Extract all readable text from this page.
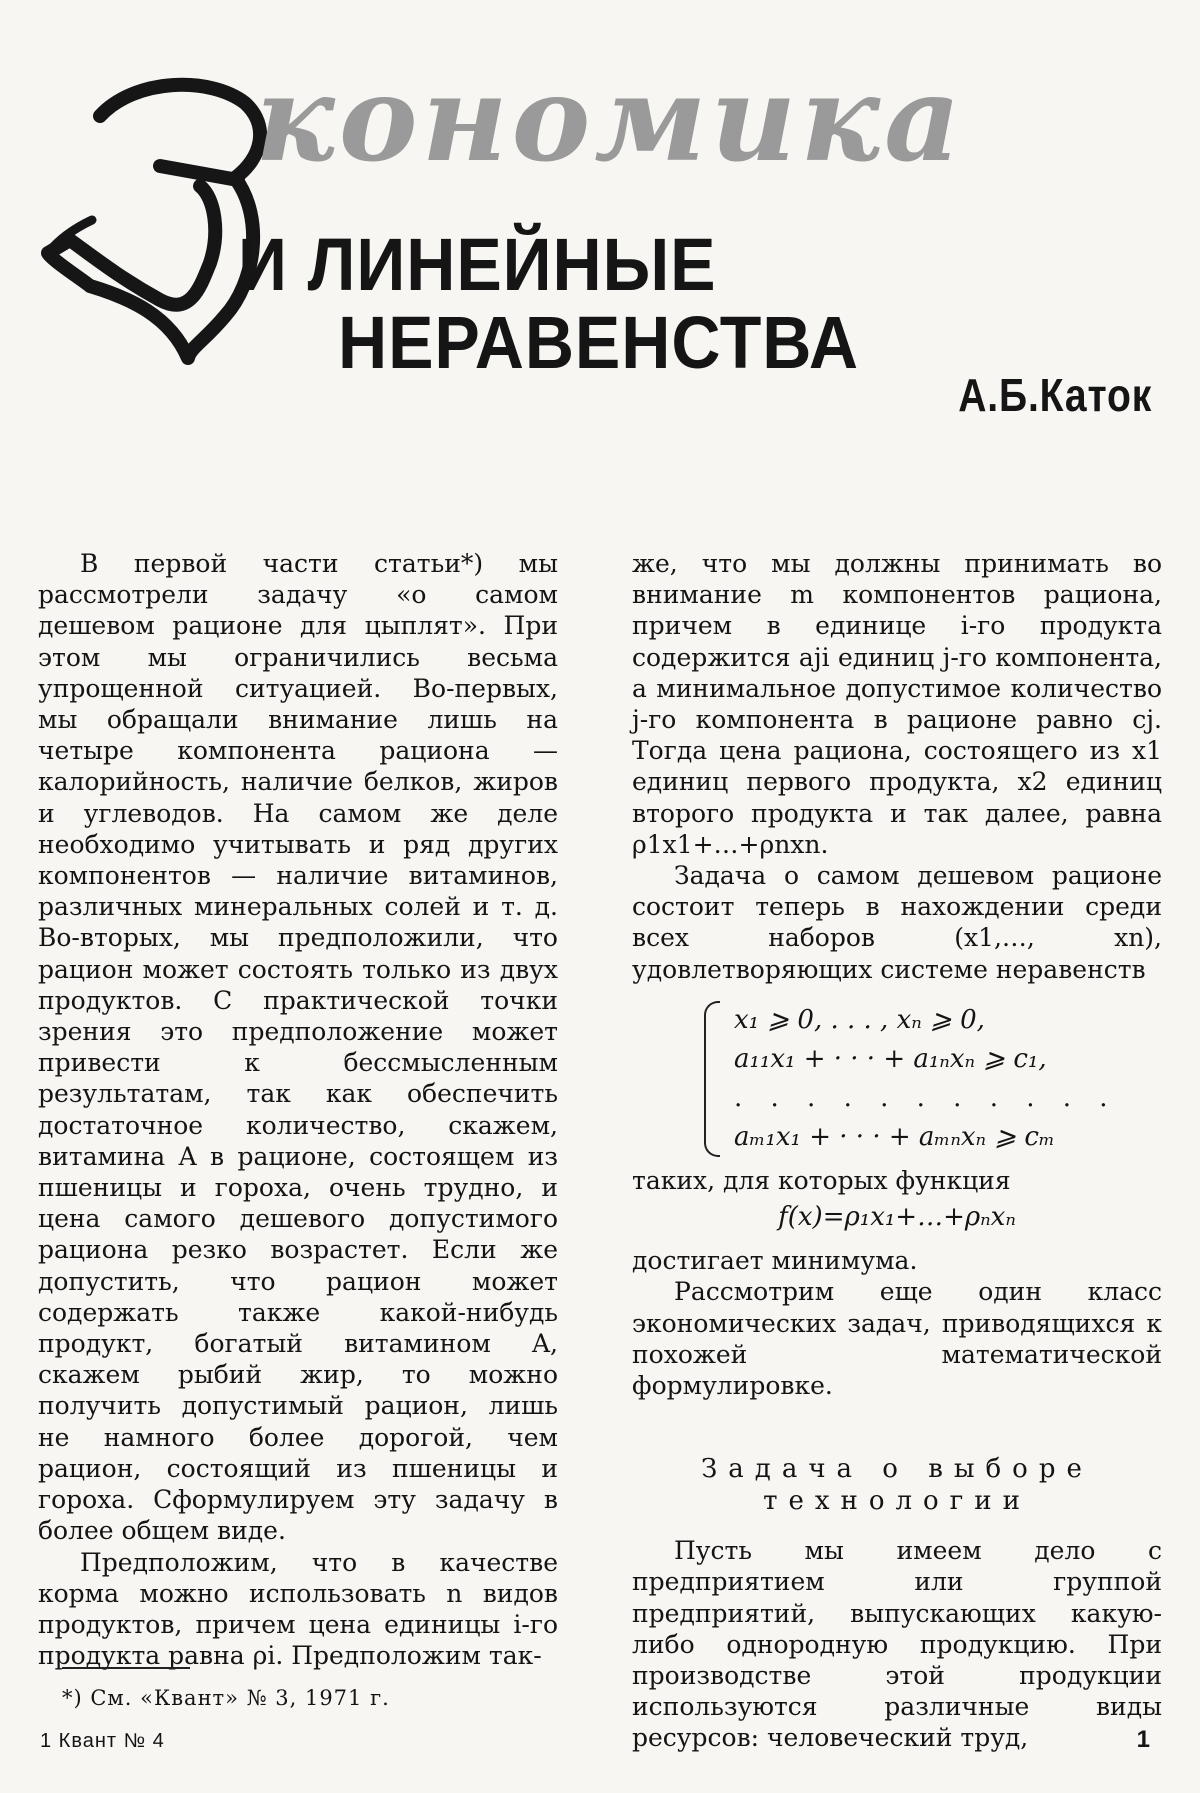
кономика
И ЛИНЕЙНЫЕ
НЕРАВЕНСТВА
А.Б.Каток

В первой части статьи*) мы рассмотрели задачу «о самом дешевом рационе для цыплят». При этом мы ограничились весьма упрощенной ситуацией. Во-первых, мы обращали внимание лишь на четыре компонента рациона — калорийность, наличие белков, жиров и углеводов. На самом же деле необходимо учитывать и ряд других компонентов — наличие витаминов, различных минеральных солей и т. д. Во-вторых, мы предположили, что рацион может состоять только из двух продуктов. С практической точки зрения это предположение может привести к бессмысленным результатам, так как обеспечить достаточное количество, скажем, витамина A в рационе, состоящем из пшеницы и гороха, очень трудно, и цена самого дешевого допустимого рациона резко возрастет. Если же допустить, что рацион может содержать также какой-нибудь продукт, богатый витамином A, скажем рыбий жир, то можно получить допустимый рацион, лишь не намного более дорогой, чем рацион, состоящий из пшеницы и гороха. Сформулируем эту задачу в более общем виде.

Предположим, что в качестве корма можно использовать n видов продуктов, причем цена единицы i-го продукта равна ρi. Предположим так-

же, что мы должны принимать во внимание m компонентов рациона, причем в единице i-го продукта содержится aji единиц j-го компонента, а минимальное допустимое количество j-го компонента в рационе равно cj. Тогда цена рациона, состоящего из x1 единиц первого продукта, x2 единиц второго продукта и так далее, равна ρ1x1+…+ρnxn.

Задача о самом дешевом рационе состоит теперь в нахождении среди всех наборов (x1,…, xn), удовлетворяющих системе неравенств

x₁ ⩾ 0, . . . , xₙ ⩾ 0,
a₁₁x₁ + · · · + a₁ₙxₙ ⩾ c₁,
. . . . . . . . . . .
aₘ₁x₁ + · · · + aₘₙxₙ ⩾ cₘ

таких, для которых функция

f(x)=ρ₁x₁+…+ρₙxₙ

достигает минимума.

Рассмотрим еще один класс экономических задач, приводящихся к похожей математической формулировке.

Задача о выборе
технологии

Пусть мы имеем дело с предприятием или группой предприятий, выпускающих какую-либо однородную продукцию. При производстве этой продукции используются различные виды ресурсов: человеческий труд,

*) См. «Квант» № 3, 1971 г.
1 Квант № 4	1
